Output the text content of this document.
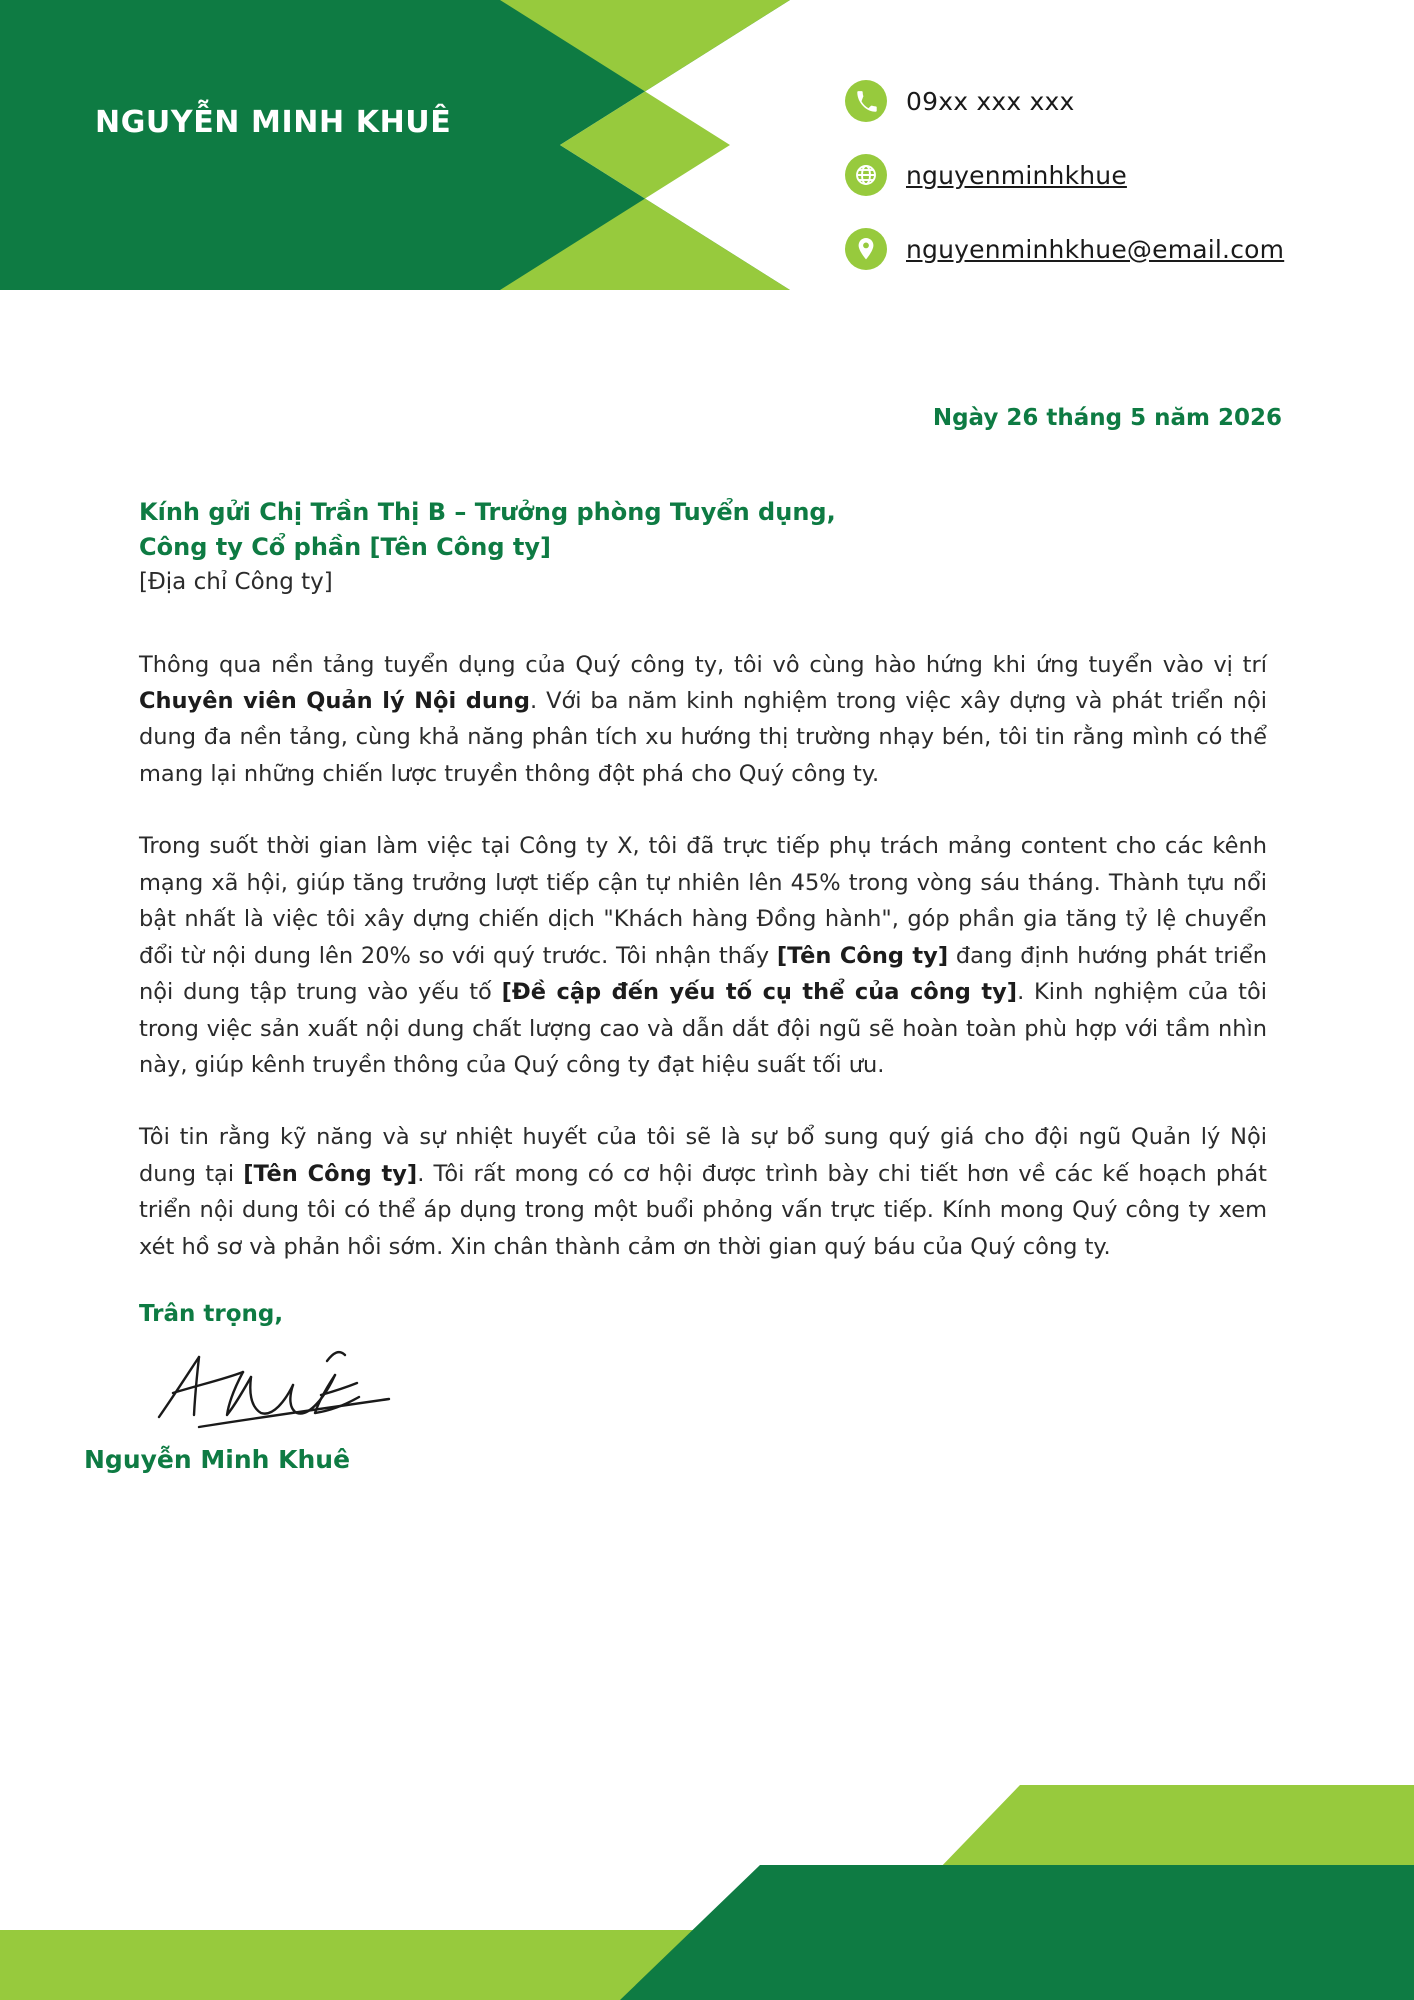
NGUYỄN MINH KHUÊ
09xx xxx xxx
nguyenminhkhue
nguyenminhkhue@email.com
Ngày 26 tháng 5 năm 2026
Kính gửi Chị Trần Thị B – Trưởng phòng Tuyển dụng,
Công ty Cổ phần [Tên Công ty]
[Địa chỉ Công ty]

Thông qua nền tảng tuyển dụng của Quý công ty, tôi vô cùng hào hứng khi ứng tuyển vào vị trí Chuyên viên Quản lý Nội dung. Với ba năm kinh nghiệm trong việc xây dựng và phát triển nội dung đa nền tảng, cùng khả năng phân tích xu hướng thị trường nhạy bén, tôi tin rằng mình có thể mang lại những chiến lược truyền thông đột phá cho Quý công ty.

Trong suốt thời gian làm việc tại Công ty X, tôi đã trực tiếp phụ trách mảng content cho các kênh mạng xã hội, giúp tăng trưởng lượt tiếp cận tự nhiên lên 45% trong vòng sáu tháng. Thành tựu nổi bật nhất là việc tôi xây dựng chiến dịch "Khách hàng Đồng hành", góp phần gia tăng tỷ lệ chuyển đổi từ nội dung lên 20% so với quý trước. Tôi nhận thấy [Tên Công ty] đang định hướng phát triển nội dung tập trung vào yếu tố [Đề cập đến yếu tố cụ thể của công ty]. Kinh nghiệm của tôi trong việc sản xuất nội dung chất lượng cao và dẫn dắt đội ngũ sẽ hoàn toàn phù hợp với tầm nhìn này, giúp kênh truyền thông của Quý công ty đạt hiệu suất tối ưu.

Tôi tin rằng kỹ năng và sự nhiệt huyết của tôi sẽ là sự bổ sung quý giá cho đội ngũ Quản lý Nội dung tại [Tên Công ty]. Tôi rất mong có cơ hội được trình bày chi tiết hơn về các kế hoạch phát triển nội dung tôi có thể áp dụng trong một buổi phỏng vấn trực tiếp. Kính mong Quý công ty xem xét hồ sơ và phản hồi sớm. Xin chân thành cảm ơn thời gian quý báu của Quý công ty.

Trân trọng,
Nguyễn Minh Khuê
